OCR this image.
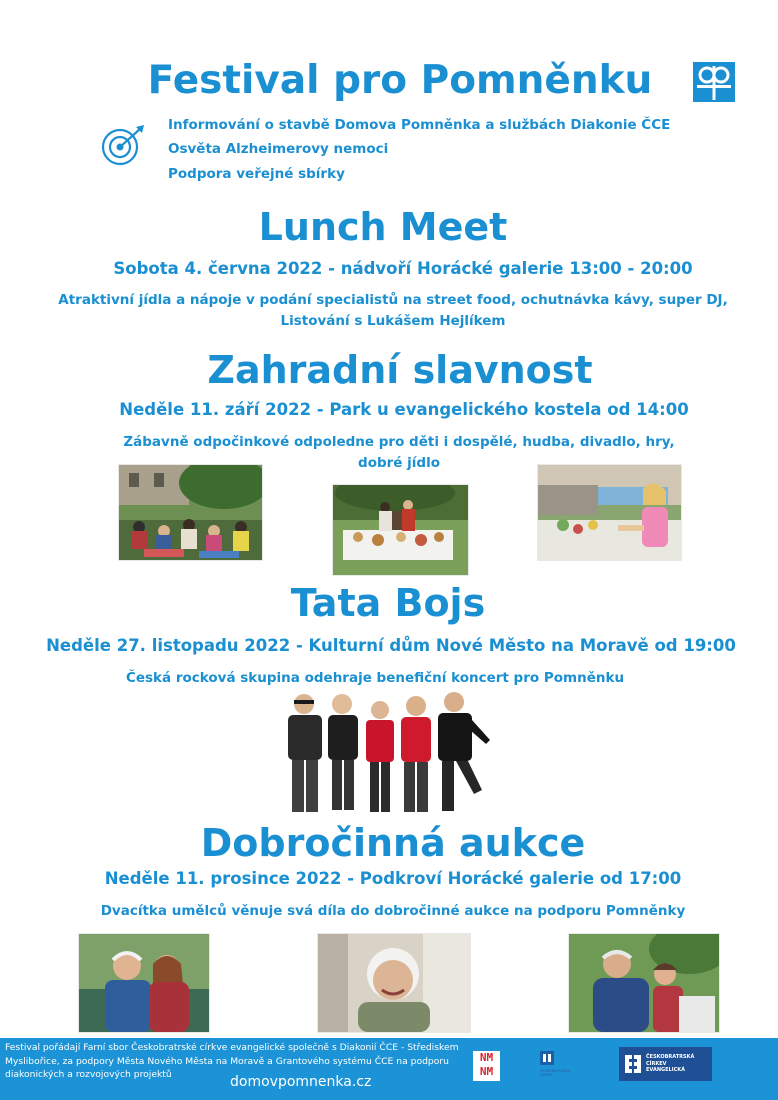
Festival pro Pomněnku
Informování o stavbě Domova Pomněnka a službách Diakonie ČCE
Osvěta Alzheimerovy nemoci
Podpora veřejné sbírky
Lunch Meet
Sobota 4. června 2022 - nádvoří Horácké galerie 13:00 - 20:00
Atraktivní jídla a nápoje v podání specialistů na street food, ochutnávka kávy, super DJ,
Listování s Lukášem Hejlíkem
Zahradní slavnost
Neděle 11. září 2022 - Park u evangelického kostela od 14:00
Zábavně odpočinkové odpoledne pro děti i dospělé, hudba, divadlo, hry,
dobré jídlo
Tata Bojs
Neděle 27. listopadu 2022 - Kulturní dům Nové Město na Moravě od 19:00
Česká rocková skupina odehraje benefiční koncert pro Pomněnku
Dobročinná aukce
Neděle 11. prosince 2022 - Podkroví Horácké galerie od 17:00
Dvacítka umělců věnuje svá díla do dobročinné aukce na podporu Pomněnky
Festival pořádají Farní sbor Českobratrské církve evangelické společně s Diakonií ČCE - Střediskem Myslibořice, za podpory Města Nového Města na Moravě a Grantového systému ČCE na podporu diakonických a rozvojových projektů	domovpomnenka.cz
NM
NM	ČESKOBRATRSKÁ
CÍRKEV
ČESKOBRATRSKÁ
CÍRKEV
EVANGELICKÁ
